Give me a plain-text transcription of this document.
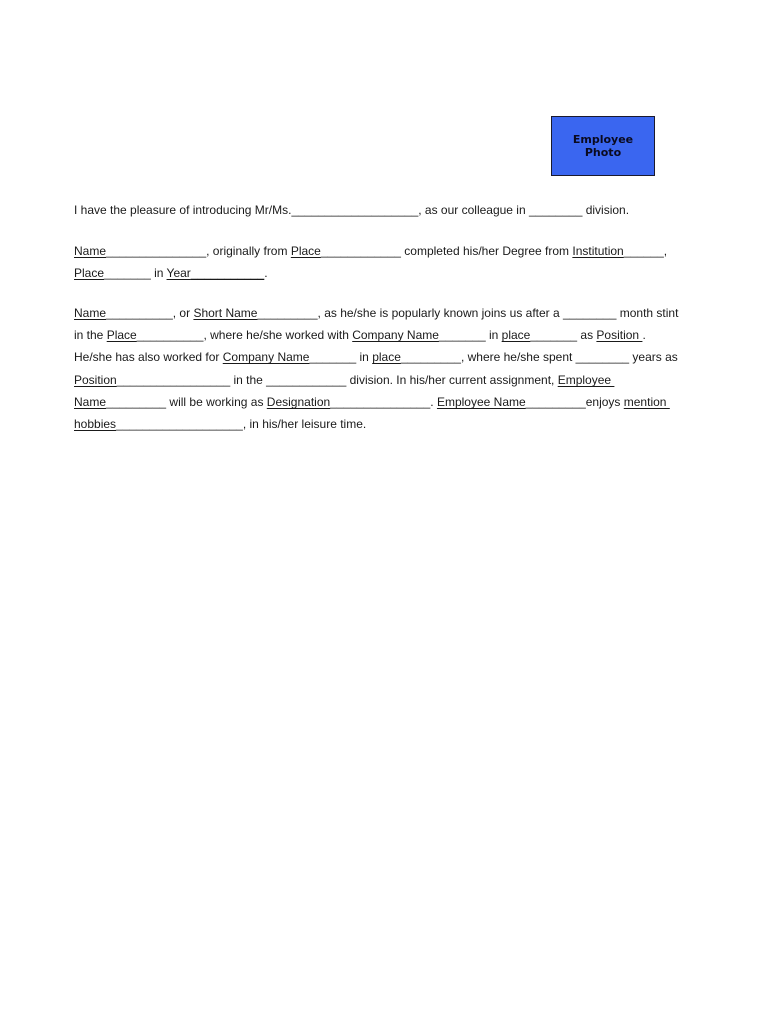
Employee
Photo
I have the pleasure of introducing Mr/Ms.___________________, as our colleague in ________ division.
Name_______________, originally from Place____________ completed his/her Degree from Institution______,
Place_______ in Year___________.
Name__________, or Short Name_________, as he/she is popularly known joins us after a ________ month stint
in the Place__________, where he/she worked with Company Name_______ in place_______ as Position .
He/she has also worked for Company Name_______ in place_________, where he/she spent ________ years as
Position_________________ in the ____________ division. In his/her current assignment, Employee
Name_________ will be working as Designation_______________. Employee Name_________enjoys mention
hobbies___________________, in his/her leisure time.
